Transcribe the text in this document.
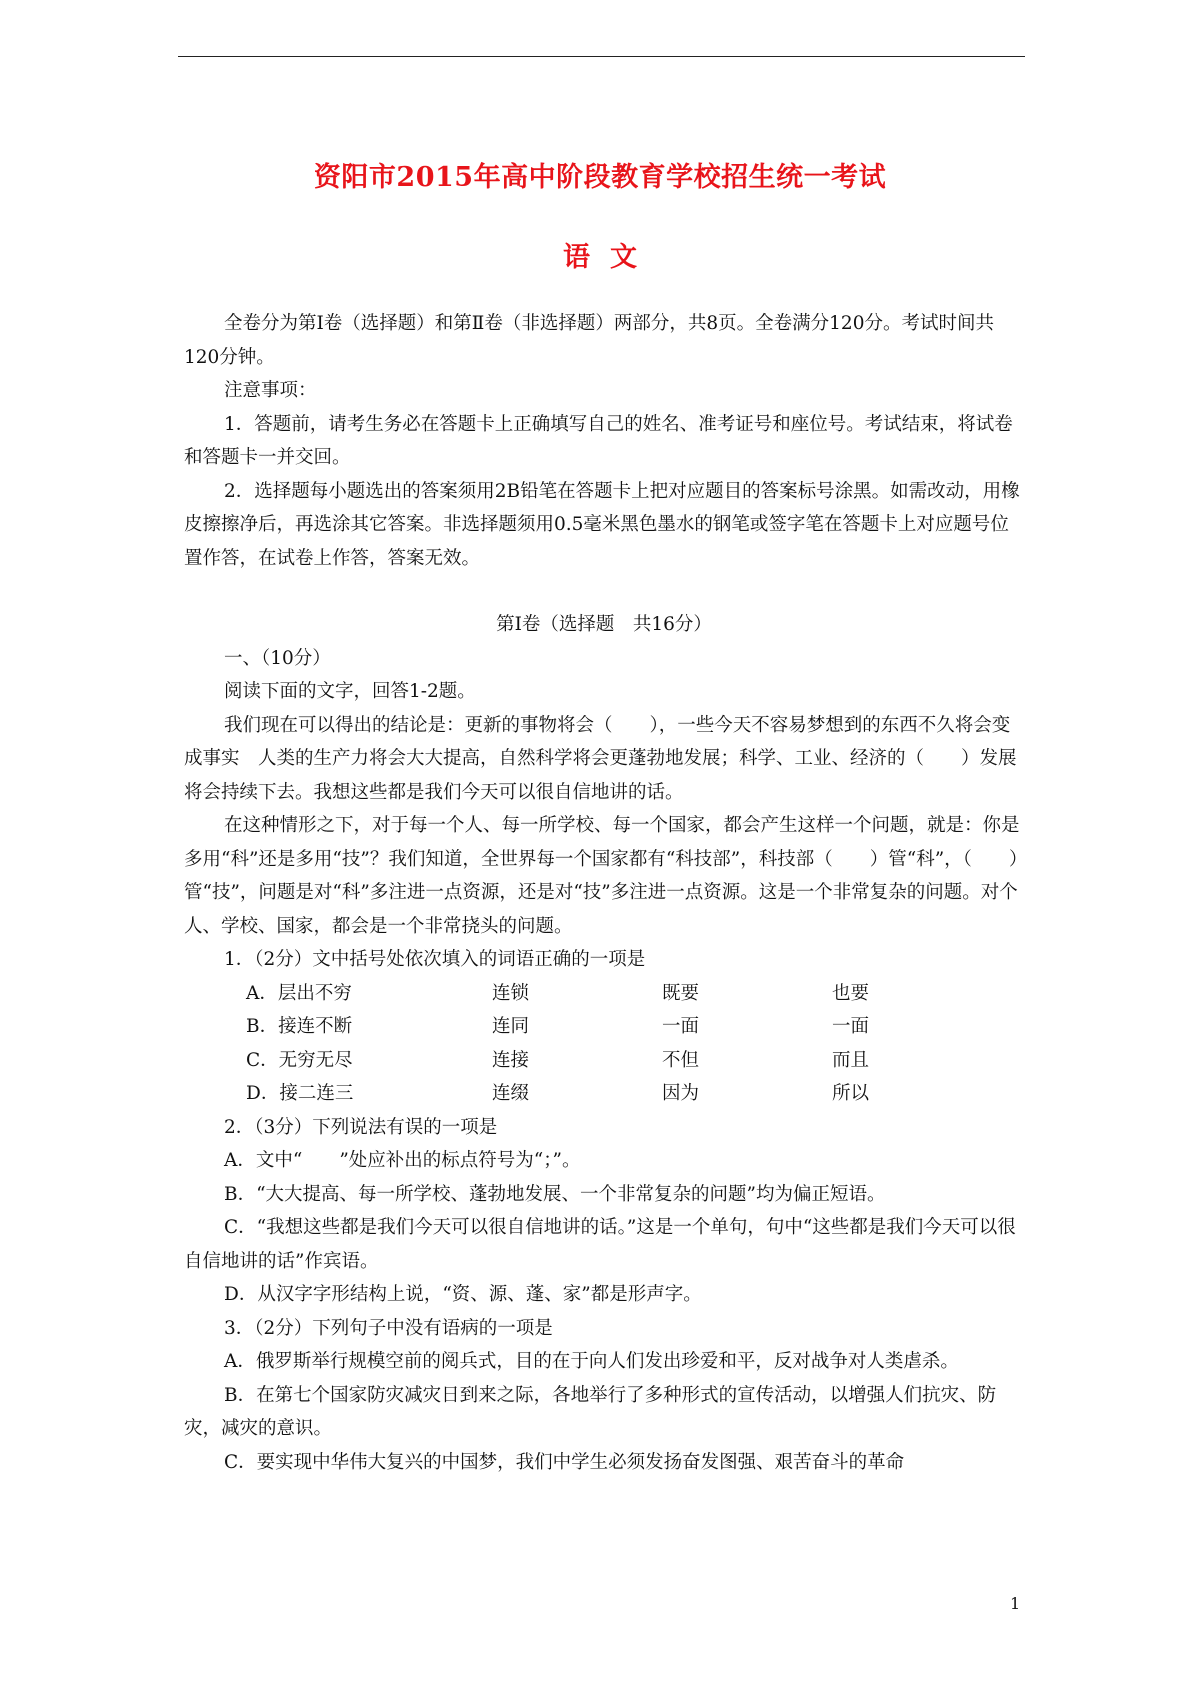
资阳市2015年高中阶段教育学校招生统一考试
语文

全卷分为第Ⅰ卷（选择题）和第Ⅱ卷（非选择题）两部分，共8页。全卷满分120分。考试时间共120分钟。

注意事项：

1．答题前，请考生务必在答题卡上正确填写自己的姓名、准考证号和座位号。考试结束，将试卷和答题卡一并交回。

2．选择题每小题选出的答案须用2B铅笔在答题卡上把对应题目的答案标号涂黑。如需改动，用橡皮擦擦净后，再选涂其它答案。非选择题须用0.5毫米黑色墨水的钢笔或签字笔在答题卡上对应题号位置作答，在试卷上作答，答案无效。

第Ⅰ卷（选择题　共16分）

一、（10分）

阅读下面的文字，回答1-2题。

我们现在可以得出的结论是：更新的事物将会（　　），一些今天不容易梦想到的东西不久将会变成事实　人类的生产力将会大大提高，自然科学将会更蓬勃地发展；科学、工业、经济的（　　）发展将会持续下去。我想这些都是我们今天可以很自信地讲的话。

在这种情形之下，对于每一个人、每一所学校、每一个国家，都会产生这样一个问题，就是：你是多用“科”还是多用“技”？我们知道，全世界每一个国家都有“科技部”，科技部（　　）管“科”，（　　）管“技”，问题是对“科”多注进一点资源，还是对“技”多注进一点资源。这是一个非常复杂的问题。对个人、学校、国家，都会是一个非常挠头的问题。

1．（2分）文中括号处依次填入的词语正确的一项是

A．层出不穷	连锁	既要	也要
B．接连不断	连同	一面	一面
C．无穷无尽	连接	不但	而且
D．接二连三	连缀	因为	所以

2．（3分）下列说法有误的一项是

A．文中“　　”处应补出的标点符号为“；”。

B．“大大提高、每一所学校、蓬勃地发展、一个非常复杂的问题”均为偏正短语。

C．“我想这些都是我们今天可以很自信地讲的话。”这是一个单句，句中“这些都是我们今天可以很自信地讲的话”作宾语。

D．从汉字字形结构上说，“资、源、蓬、家”都是形声字。

3．（2分）下列句子中没有语病的一项是

A．俄罗斯举行规模空前的阅兵式，目的在于向人们发出珍爱和平，反对战争对人类虐杀。

B．在第七个国家防灾减灾日到来之际，各地举行了多种形式的宣传活动，以增强人们抗灾、防灾，减灾的意识。

C．要实现中华伟大复兴的中国梦，我们中学生必须发扬奋发图强、艰苦奋斗的革命

1
